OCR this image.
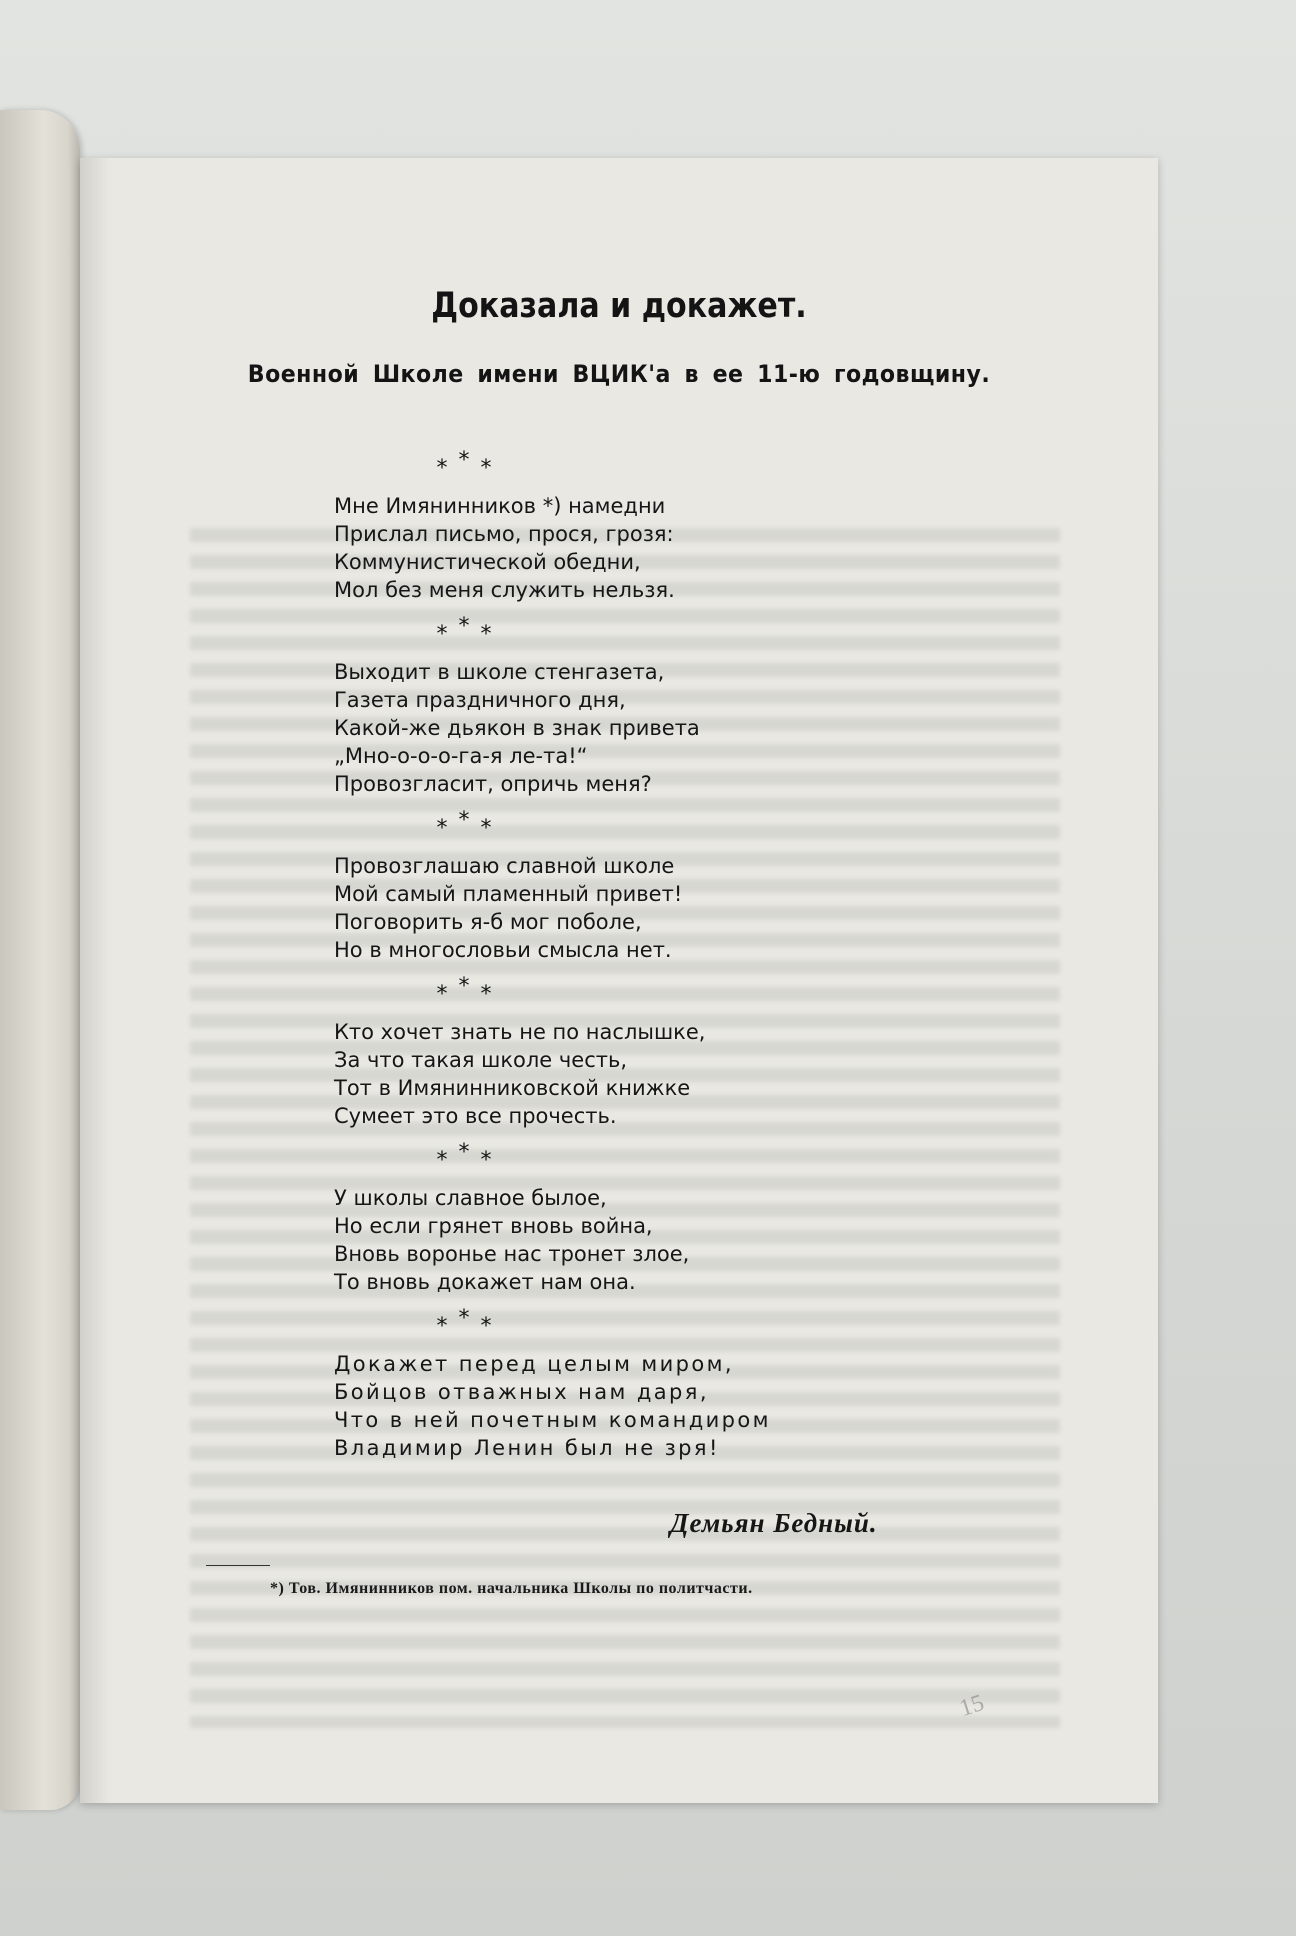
Доказала и докажет.
Военной Школе имени ВЦИК'а в ее 11-ю годовщину.
* * *
Мне Имянинников *) намедни
Прислал письмо, прося, грозя:
Коммунистической обедни,
Мол без меня служить нельзя.
* * *
Выходит в школе стенгазета,
Газета праздничного дня,
Какой-же дьякон в знак привета
„Мно-о-о-о-га-я ле-та!“
Провозгласит, опричь меня?
* * *
Провозглашаю славной школе
Мой самый пламенный привет!
Поговорить я-б мог поболе,
Но в многословьи смысла нет.
* * *
Кто хочет знать не по наслышке,
За что такая школе честь,
Тот в Имянинниковской книжке
Сумеет это все прочесть.
* * *
У школы славное былое,
Но если грянет вновь война,
Вновь воронье нас тронет злое,
То вновь докажет нам она.
* * *
Докажет перед целым миром,
Бойцов отважных нам даря,
Что в ней почетным командиром
Владимир Ленин был не зря!

Демьян Бедный.

*) Тов. Имянинников пом. начальника Школы по политчасти.

15
